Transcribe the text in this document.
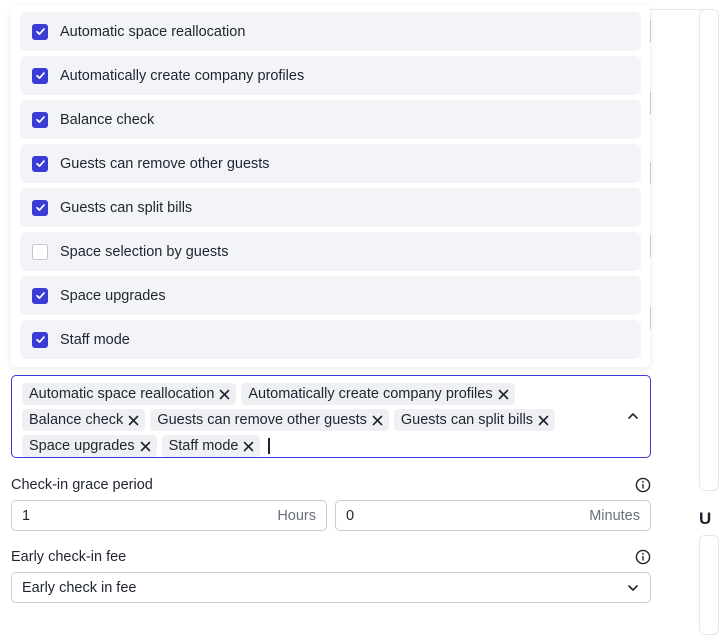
U
Automatic space reallocation
Automatically create company profiles
Balance check
Guests can remove other guests
Guests can split bills
Space selection by guests
Space upgrades
Staff mode
Automatic space reallocation Automatically create company profiles
Balance check Guests can remove other guests Guests can split bills
Space upgrades Staff mode
Check-in grace period
1	Hours 0	Minutes
Early check-in fee
Early check in fee
